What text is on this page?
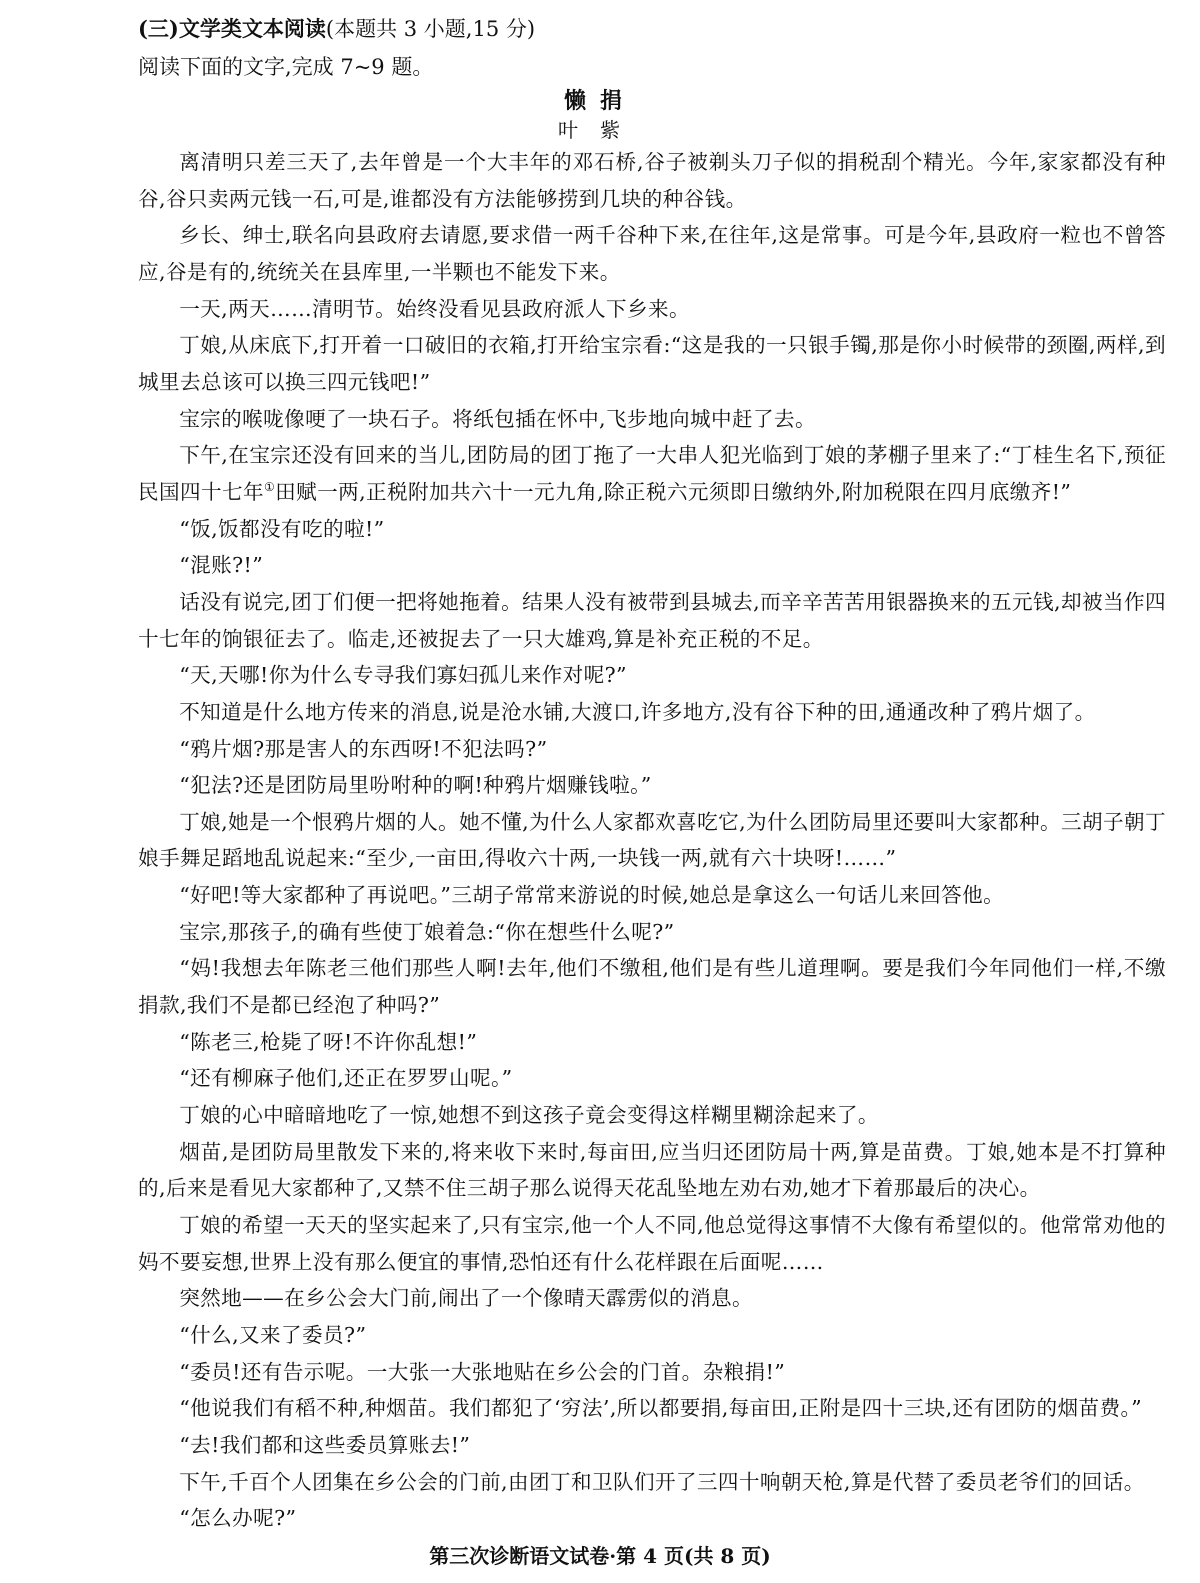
(三)文学类文本阅读(本题共 3 小题,15 分)
阅读下面的文字,完成 7~9 题。
懒捐
叶紫

离清明只差三天了,去年曾是一个大丰年的邓石桥,谷子被剃头刀子似的捐税刮个精光。今年,家家都没有种谷,谷只卖两元钱一石,可是,谁都没有方法能够捞到几块的种谷钱。

乡长、绅士,联名向县政府去请愿,要求借一两千谷种下来,在往年,这是常事。可是今年,县政府一粒也不曾答应,谷是有的,统统关在县库里,一半颗也不能发下来。

一天,两天……清明节。始终没看见县政府派人下乡来。

丁娘,从床底下,打开着一口破旧的衣箱,打开给宝宗看:“这是我的一只银手镯,那是你小时候带的颈圈,两样,到城里去总该可以换三四元钱吧!”

宝宗的喉咙像哽了一块石子。将纸包插在怀中,飞步地向城中赶了去。

下午,在宝宗还没有回来的当儿,团防局的团丁拖了一大串人犯光临到丁娘的茅棚子里来了:“丁桂生名下,预征民国四十七年①田赋一两,正税附加共六十一元九角,除正税六元须即日缴纳外,附加税限在四月底缴齐!”

“饭,饭都没有吃的啦!”

“混账?!”

话没有说完,团丁们便一把将她拖着。结果人没有被带到县城去,而辛辛苦苦用银器换来的五元钱,却被当作四十七年的饷银征去了。临走,还被捉去了一只大雄鸡,算是补充正税的不足。

“天,天哪!你为什么专寻我们寡妇孤儿来作对呢?”

不知道是什么地方传来的消息,说是沧水铺,大渡口,许多地方,没有谷下种的田,通通改种了鸦片烟了。

“鸦片烟?那是害人的东西呀!不犯法吗?”

“犯法?还是团防局里吩咐种的啊!种鸦片烟赚钱啦。”

丁娘,她是一个恨鸦片烟的人。她不懂,为什么人家都欢喜吃它,为什么团防局里还要叫大家都种。三胡子朝丁娘手舞足蹈地乱说起来:“至少,一亩田,得收六十两,一块钱一两,就有六十块呀!……”

“好吧!等大家都种了再说吧。”三胡子常常来游说的时候,她总是拿这么一句话儿来回答他。

宝宗,那孩子,的确有些使丁娘着急:“你在想些什么呢?”

“妈!我想去年陈老三他们那些人啊!去年,他们不缴租,他们是有些儿道理啊。要是我们今年同他们一样,不缴捐款,我们不是都已经泡了种吗?”

“陈老三,枪毙了呀!不许你乱想!”

“还有柳麻子他们,还正在罗罗山呢。”

丁娘的心中暗暗地吃了一惊,她想不到这孩子竟会变得这样糊里糊涂起来了。

烟苗,是团防局里散发下来的,将来收下来时,每亩田,应当归还团防局十两,算是苗费。丁娘,她本是不打算种的,后来是看见大家都种了,又禁不住三胡子那么说得天花乱坠地左劝右劝,她才下着那最后的决心。

丁娘的希望一天天的坚实起来了,只有宝宗,他一个人不同,他总觉得这事情不大像有希望似的。他常常劝他的妈不要妄想,世界上没有那么便宜的事情,恐怕还有什么花样跟在后面呢……

突然地——在乡公会大门前,闹出了一个像晴天霹雳似的消息。

“什么,又来了委员?”

“委员!还有告示呢。一大张一大张地贴在乡公会的门首。杂粮捐!”

“他说我们有稻不种,种烟苗。我们都犯了‘穷法’,所以都要捐,每亩田,正附是四十三块,还有团防的烟苗费。”

“去!我们都和这些委员算账去!”

下午,千百个人团集在乡公会的门前,由团丁和卫队们开了三四十响朝天枪,算是代替了委员老爷们的回话。

“怎么办呢?”

第三次诊断语文试卷·第 4 页(共 8 页)
